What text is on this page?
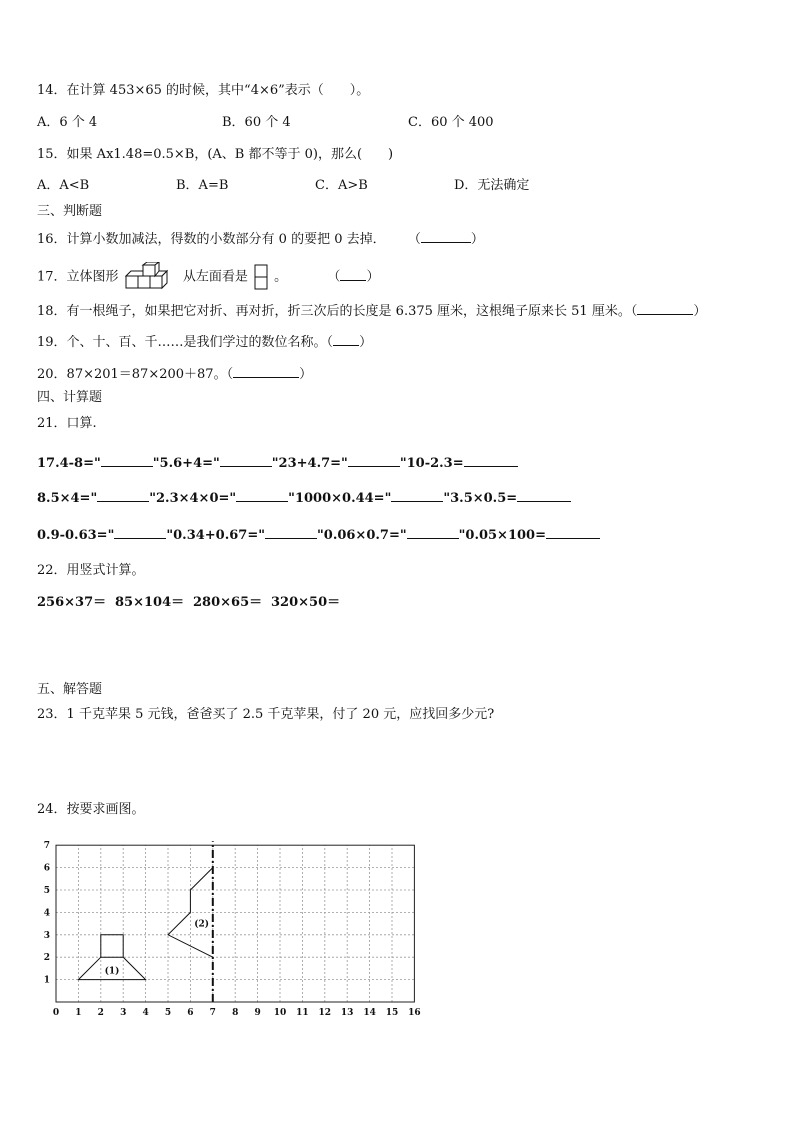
14．在计算 453×65 的时候，其中“4×6”表示（　　）。
A．6 个 4	B．60 个 4	C．60 个 400
15．如果 Ax1.48=0.5×B，(A、B 都不等于 0)，那么(　　)
A．A<B	B．A=B	C．A>B	D．无法确定
三、判断题
16．计算小数加减法，得数的小数部分有 0 的要把 0 去掉． （	）
17．立体图形	从左面看是 。	（ ）
18．有一根绳子，如果把它对折、再对折，折三次后的长度是 6.375 厘米，这根绳子原来长 51 厘米。（	）
19．个、十、百、千……是我们学过的数位名称。（ ）
20．87×201＝87×200＋87。（	）
四、计算题
21．口算.
17.4-8="	"5.6+4="	"23+4.7="	"10-2.3=
8.5×4="	"2.3×4×0="	"1000×0.44="	"3.5×0.5=
0.9-0.63="	"0.34+0.67="	"0.06×0.7="	"0.05×100=
22．用竖式计算。
256×37＝ 85×104＝ 280×65＝ 320×50＝
五、解答题
23．1 千克苹果 5 元钱，爸爸买了 2.5 千克苹果，付了 20 元，应找回多少元?
24．按要求画图。
0 1 2 3 4 5 6 7 8 9 10 11 12 13 14 15 16
1
2
3
4
5
6
7
(1)
(2)
